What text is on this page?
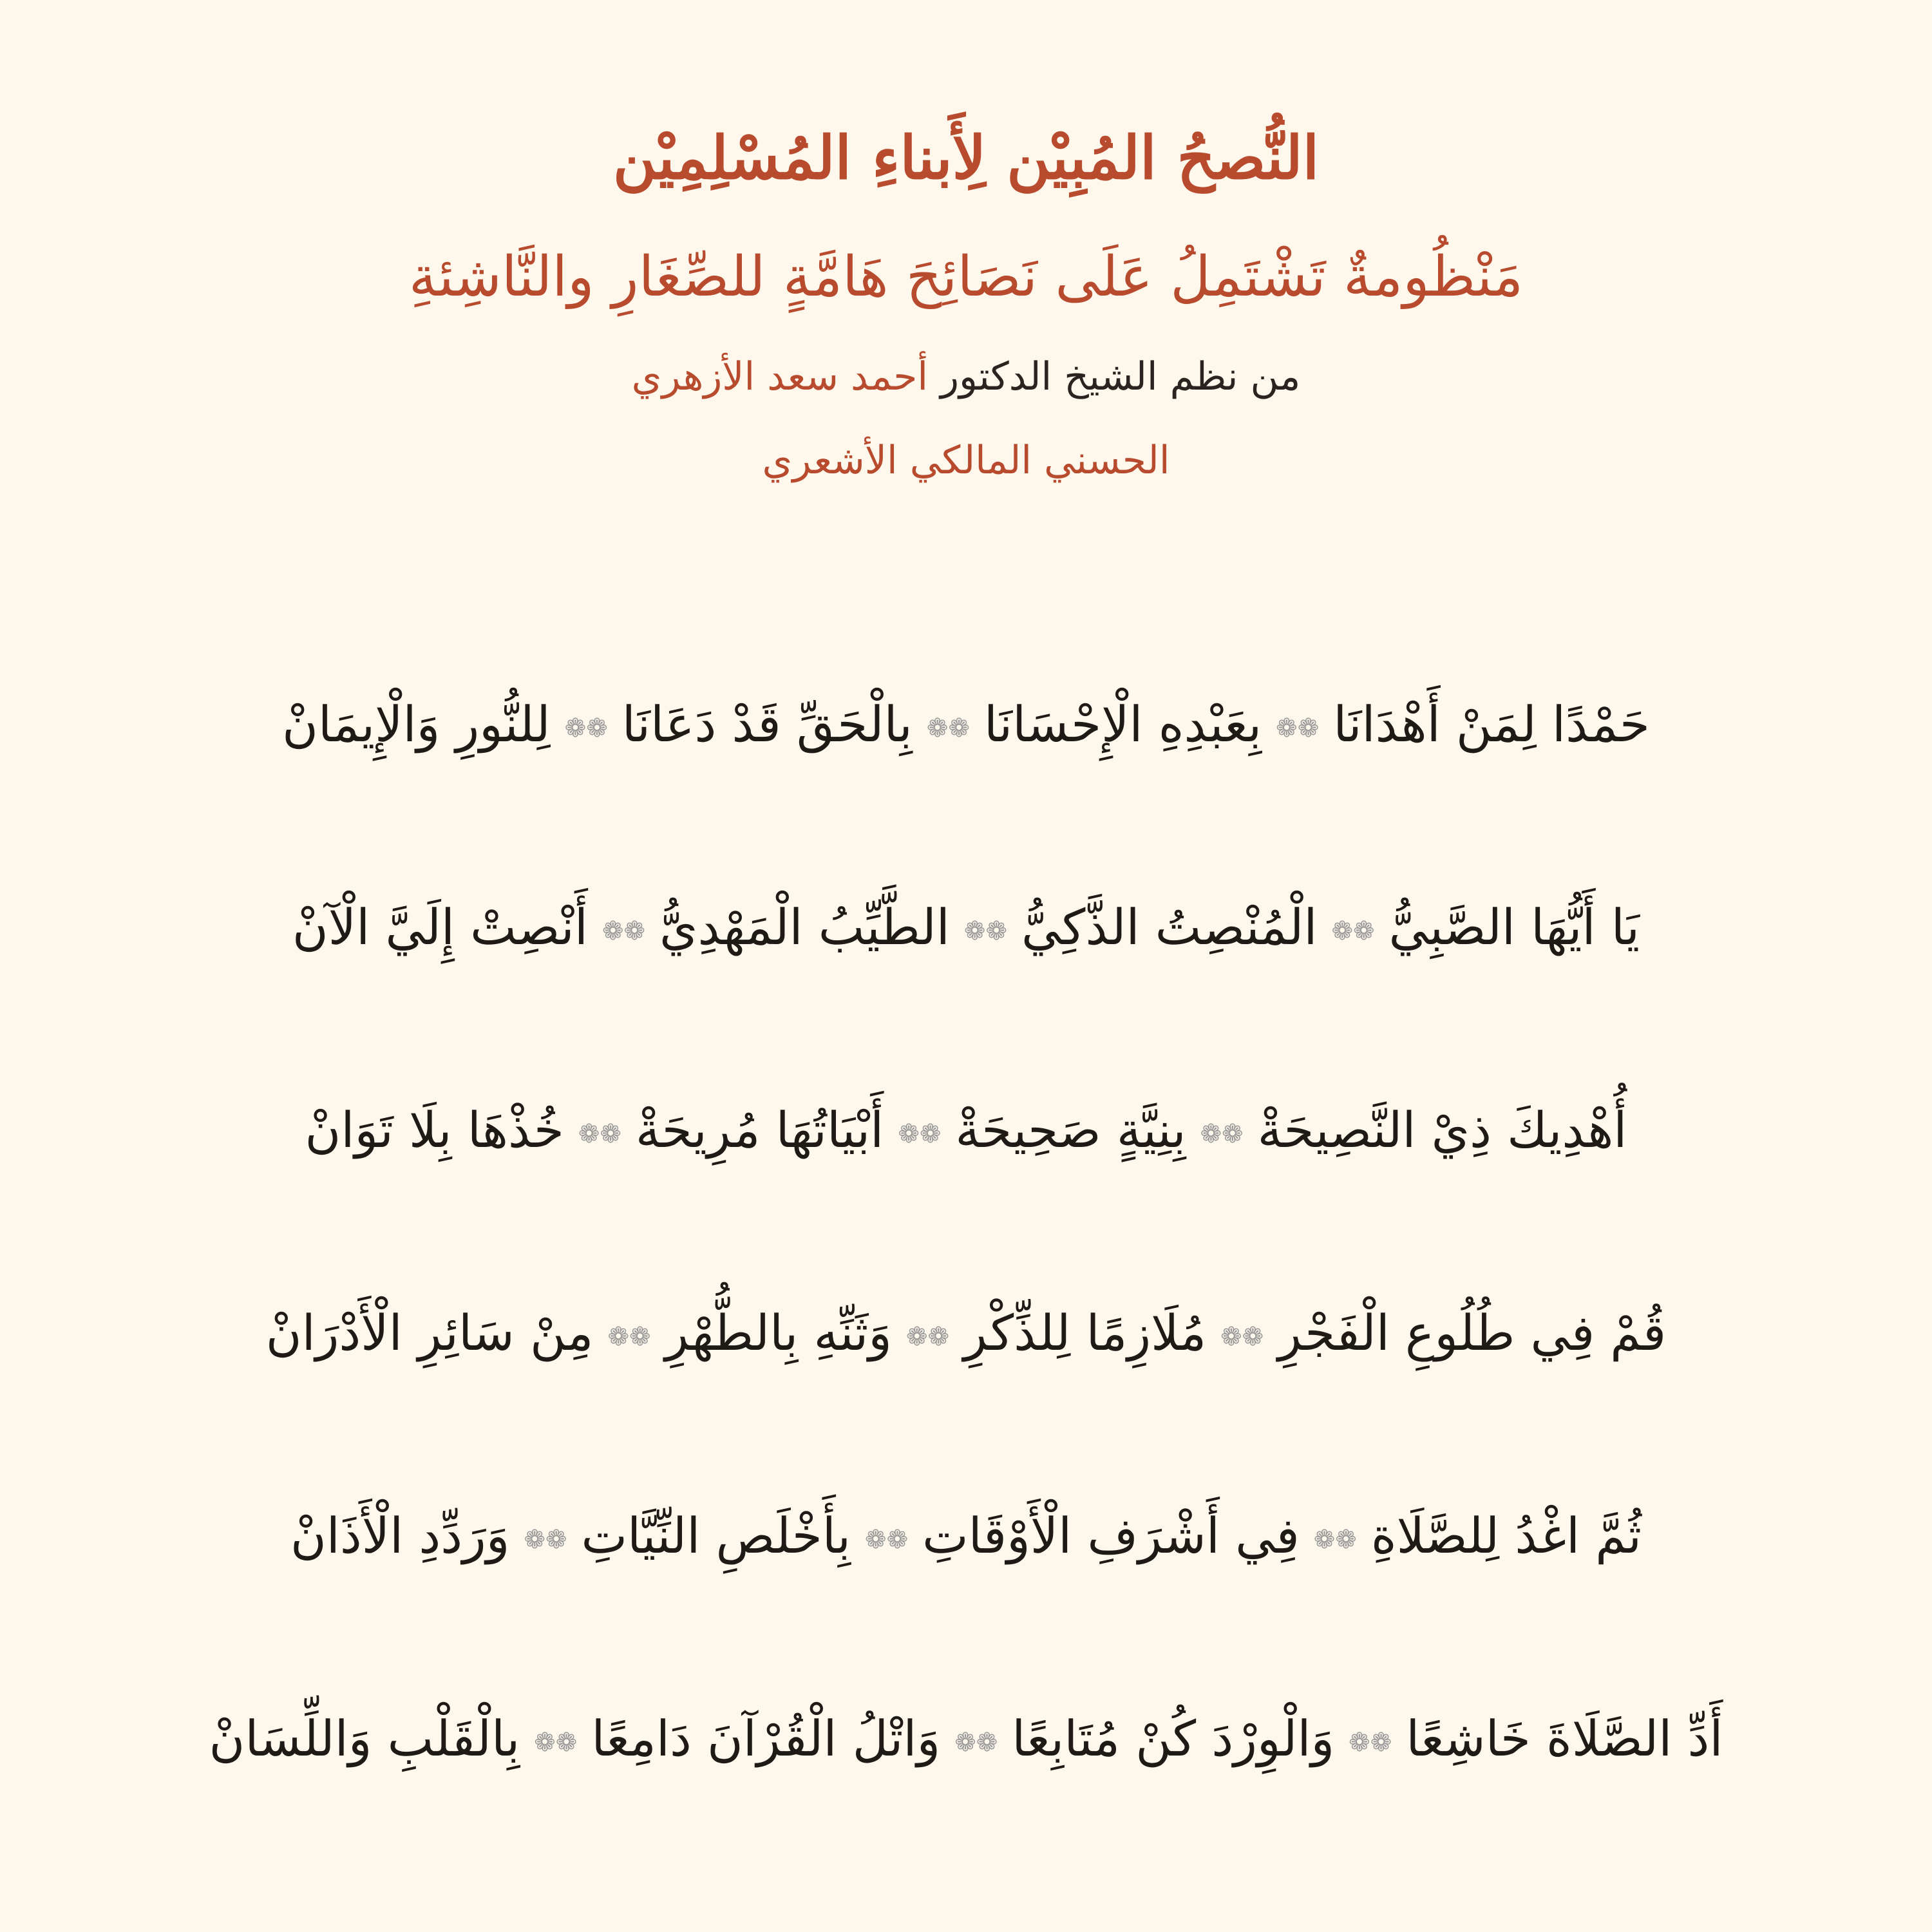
النُّصحُ المُبِيْن لِأَبناءِ المُسْلِمِيْن
مَنْظُومةٌ تَشْتَمِلُ عَلَى نَصَائِحَ هَامَّةٍ للصِّغَارِ والنَّاشِئةِ
من نظم الشيخ الدكتور أحمد سعد الأزهري
الحسني المالكي الأشعري
حَمْدًا لِمَنْ أَهْدَانَا❁❁بِعَبْدِهِ الْإِحْسَانَا❁❁بِالْحَقِّ قَدْ دَعَانَا❁❁لِلنُّورِ وَالْإِيمَانْ
يَا أَيُّهَا الصَّبِيُّ❁❁الْمُنْصِتُ الذَّكِيُّ❁❁الطَّيِّبُ الْمَهْدِيُّ❁❁أَنْصِتْ إِلَيَّ الْآنْ
أُهْدِيكَ ذِيْ النَّصِيحَةْ❁❁بِنِيَّةٍ صَحِيحَةْ❁❁أَبْيَاتُهَا مُرِيحَةْ❁❁خُذْهَا بِلَا تَوَانْ
قُمْ فِي طُلُوعِ الْفَجْرِ❁❁مُلَازِمًا لِلذِّكْرِ❁❁وَثَنِّهِ بِالطُّهْرِ❁❁مِنْ سَائِرِ الْأَدْرَانْ
ثُمَّ اغْدُ لِلصَّلَاةِ❁❁فِي أَشْرَفِ الْأَوْقَاتِ❁❁بِأَخْلَصِ النِّيَّاتِ❁❁وَرَدِّدِ الْأَذَانْ
أَدِّ الصَّلَاةَ خَاشِعًا❁❁وَالْوِرْدَ كُنْ مُتَابِعًا❁❁وَاتْلُ الْقُرْآنَ دَامِعًا❁❁بِالْقَلْبِ وَاللِّسَانْ
